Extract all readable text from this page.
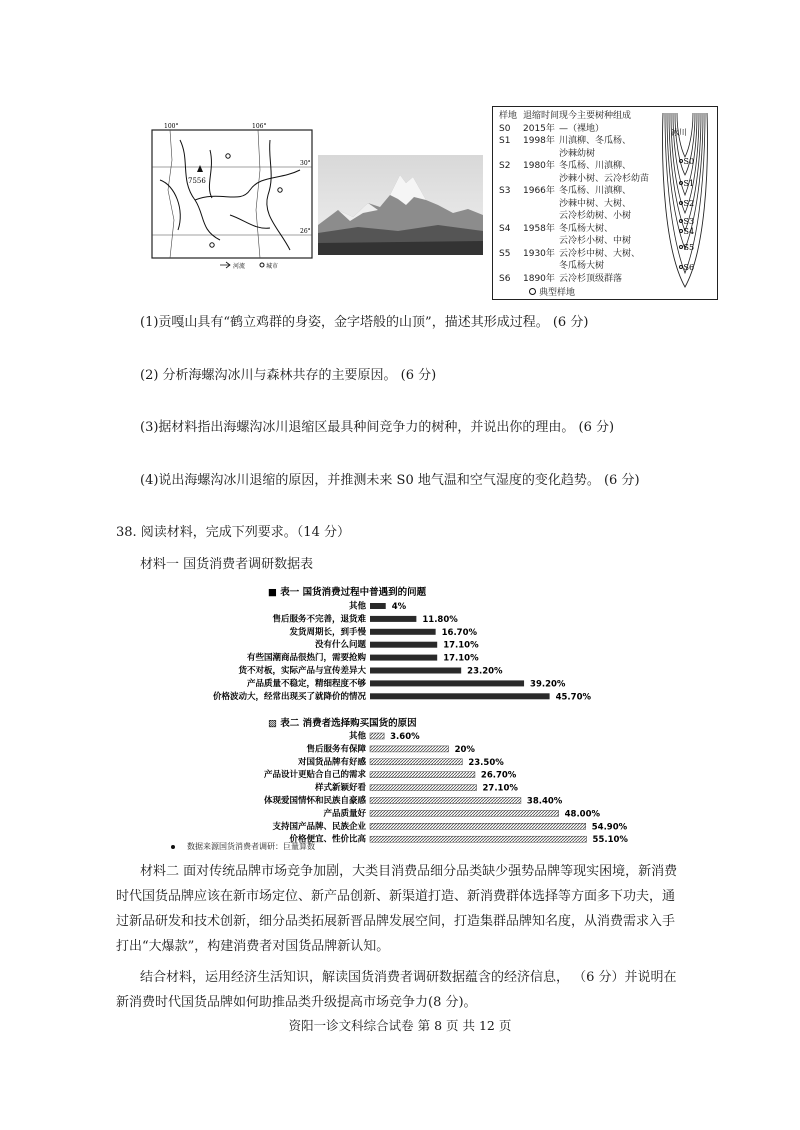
7556
100°	106°
30°
26°
河流	城市
样地 退缩时间 现今主要树种组成
S0	2015年 —（裸地）
S1	1998年 川滇柳、冬瓜杨、
沙棘幼树
S2	1980年 冬瓜杨、川滇柳、
沙棘小树、云冷杉幼苗
S3	1966年 冬瓜杨、川滇柳、
沙棘中树、大树、
云冷杉幼树、小树
S4	1958年 冬瓜杨大树、
云冷杉小树、中树
S5	1930年 云冷杉中树、大树、
冬瓜杨大树
S6	1890年 云冷杉顶级群落
典型样地
冰川
S0
S1
S2
S3
S4
S5
S6
(1)贡嘎山具有“鹤立鸡群的身姿，金字塔般的山顶”，描述其形成过程。 (6 分)
(2) 分析海螺沟冰川与森林共存的主要原因。 (6 分)
(3)据材料指出海螺沟冰川退缩区最具种间竞争力的树种，并说出你的理由。 (6 分)
(4)说出海螺沟冰川退缩的原因，并推测未来 S0 地气温和空气湿度的变化趋势。 (6 分)
38. 阅读材料，完成下列要求。（14 分）
材料一 国货消费者调研数据表
■ 表一 国货消费过程中普遇到的问题
其他	4%
售后服务不完善，退货难	11.80%
发货周期长，到手慢	16.70%
没有什么问题	17.10%
有些国潮商品很热门，需要抢购	17.10%
货不对板，实际产品与宣传差异大	23.20%
产品质量不稳定，精细程度不够	39.20%
价格波动大，经常出现买了就降价的情况	45.70%
▨ 表二 消费者选择购买国货的原因
其他	3.60%
售后服务有保障	20%
对国货品牌有好感	23.50%
产品设计更贴合自己的需求	26.70%
样式新颖好看	27.10%
体现爱国情怀和民族自豪感	38.40%
产品质量好	48.00%
支持国产品牌、民族企业	54.90%
价格便宜、性价比高	55.10%
数据来源国货消费者调研：巨量算数
材料二 面对传统品牌市场竞争加剧，大类目消费品细分品类缺少强势品牌等现实困境，新消费时代国货品牌应该在新市场定位、新产品创新、新渠道打造、新消费群体选择等方面多下功夫，通过新品研发和技术创新，细分品类拓展新晋品牌发展空间，打造集群品牌知名度，从消费需求入手打出“大爆款”，构建消费者对国货品牌新认知。
结合材料，运用经济生活知识，解读国货消费者调研数据蕴含的经济信息， （6 分）并说明在新消费时代国货品牌如何助推品类升级提高市场竞争力(8 分)。
资阳一诊文科综合试卷 第 8 页 共 12 页
